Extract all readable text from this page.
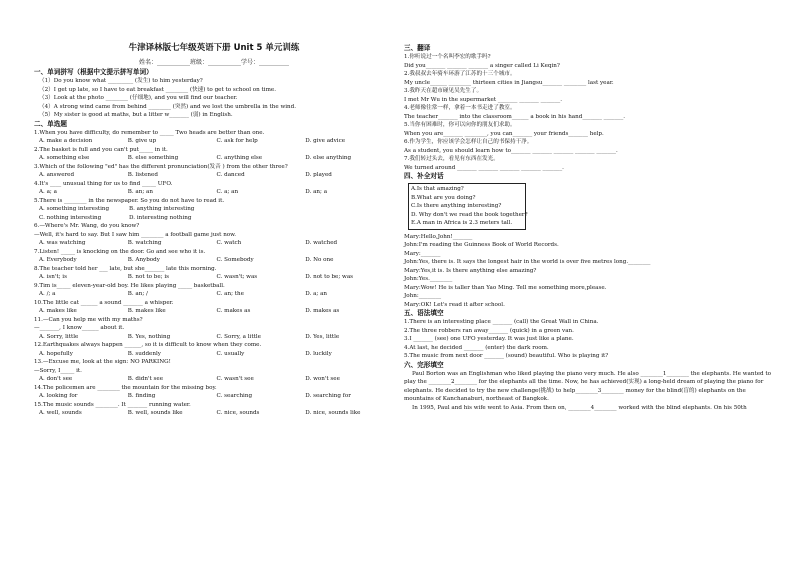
牛津译林版七年级英语下册 Unit 5 单元训练
姓名：___________班级：___________学号：__________
一、单词拼写（根据中文提示拼写单词）
（1）Do you know what _________ (发生) to him yesterday?
（2）I get up late, so I have to eat breakfast ________ (快速) to get to school on time.
（3）Look at the photo ________ (仔细地), and you will find our teacher.
（4）A strong wind came from behind ________ (突然) and we lost the umbrella in the wind.
（5）My sister is good at maths, but a litter w_______ (弱) in English.
二、单选题
1.When you have difficulty, do remember to _____ Two heads are better than one.
A. make a decision	B. give up	C. ask for help	D. give advice
2.The basket is full and you can't put_____ in it.
A. something else	B. else something	C. anything else	D. else anything
3.Which of the following "ed" has the different pronunciation(发音 ) from the other three?
A. answered	B. listened	C. danced	D. played
4.It's ____ unusual thing for us to find _____ UFO.
A. a; a	B. an; an	C. a; an	D. an; a
5.There is ________ in the newspaper. So you do not have to read it.
A. something interesting	B. anything interesting
C. nothing interesting	D. interesting nothing
6.—Where's Mr. Wang, do you know?
—Well, it's hard to say. But I saw him ________ a football game just now.
A. was watching	B. watching	C. watch	D. watched
7.Listen! _____ is knocking on the door. Go and see who it is.
A. Everybody	B. Anybody	C. Somebody	D. No one
8.The teacher told her ___ late, but she_______ late this morning.
A. isn't; is	B. not to be; is	C. wasn't; was	D. not to be; was
9.Tim is_____ eleven-year-old boy. He likes playing _____ basketball.
A. /; a	B. an; /	C. an; the	D. a; an
10.The little cat ______ a sound _______ a whisper.
A. makes like	B. makes like	C. makes as	D. makes as
11.—Can you help me with my maths?
—_______, I know______ about it.
A. Sorry, little	B. Yes, nothing	C. Sorry, a little	D. Yes, little
12.Earthquakes always happen ______, so it is difficult to know when they come.
A. hopefully	B. suddenly	C. usually	D. luckily
13.—Excuse me, look at the sign: NO PARKING!
—Sorry, I_____ it.
A. don't see	B. didn't see	C. wasn't see	D. won't see
14.The policemen are ________ the mountain for the missing boy.
A. looking for	B. finding	C. searching	D. searching for
15.The music sounds ________. It _______ running water.
A. well, sounds	B. well, sounds like	C. nice, sounds	D. nice, sounds like
三、翻译
1.你听说过一个名叫李宏的歌手吗?
Did you_______ _______ _______ a singer called Li Keqin?
2.我叔叔去年骑车环游了江苏的十三个城市。
My uncle______ ________ thirteen cities in Jiangsu_______ ________ last year.
3.我昨天在超市碰见吴先生了。
I met Mr Wu in the supermarket _______ _______ _______.
4.老师像往常一样，拿着一本书走进了教室。
The teacher_______ into the classroom______ a book in his hand_______ _______.
5.当你有困难时，你可以向你的朋友们求助。
When you are_______ ________, you can_______ your friends_______ help.
6.作为学生，你应该学会怎样让自己的书保持干净。
As a student, you should learn how to_______ _______ _______ _______ _______.
7.我们转过头去，看见有东西在发光。
We turned around _______ _______ _______ _______ _______.
四、补全对话
A.Is that amazing?
B.What are you doing?
C.Is there anything interesting?
D. Why don't we read the book together?
E.A man in Africa is 2.3 meters tall.
Mary:Hello,John!_______
John:I'm reading the Guinness Book of World Records.
Mary:_______
John:Yes, there is. It says the longest hair in the world is over five metres long.________
Mary:Yes,it is. Is there anything else amazing?
John:Yes.________
Mary:Wow! He is taller than Yao Ming. Tell me something more,please.
John:________
Mary:OK! Let's read it after school.
五、语法填空
1.There is an interesting place _______ (call) the Great Wall in China.
2.The three robbers ran away_______ (quick) in a green van.
3.I _______ (see) one UFO yesterday. It was just like a plane.
4.At last, he decided _______ (enter) the dark room.
5.The music from next door _______ (sound) beautiful. Who is playing it?
六、完形填空
Paul Borton was an Englishman who liked playing the piano very much. He also ________1________ the elephants. He wanted to play the ________2________ for the elephants all the time. Now, he has achieved(实现) a long-held dream of playing the piano for elephants. He decided to try the new challenge(挑战) to help________3________ money for the blind(盲的) elephants on the mountains of Kanchanaburi, northeast of Bangkok.
In 1995, Paul and his wife went to Asia. From then on, ________4________ worked with the blind elephants. On his 50th
